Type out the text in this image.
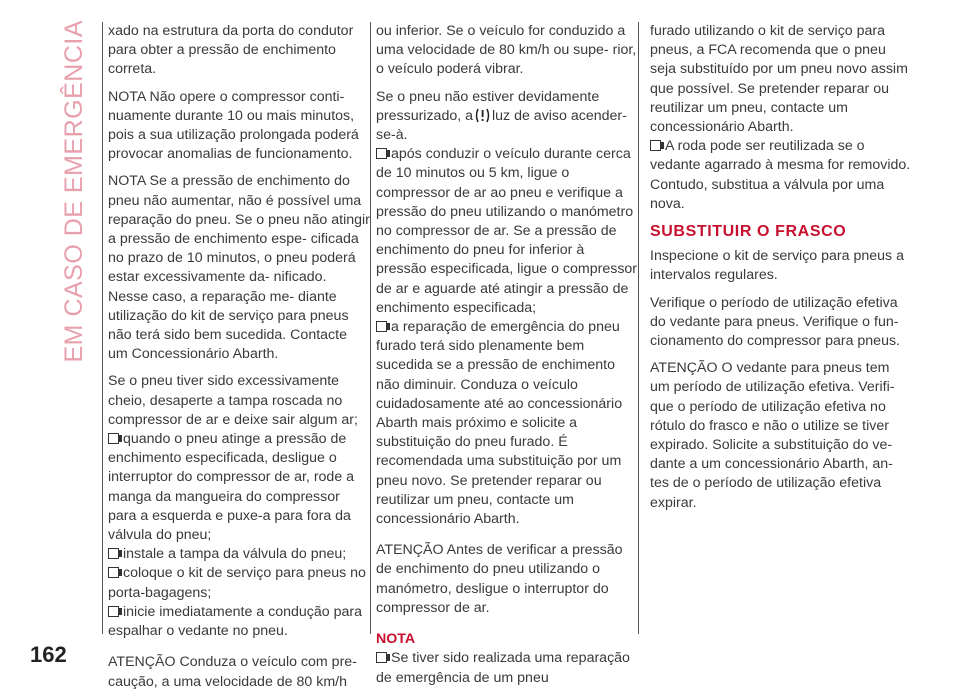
EM CASO DE EMERGÊNCIA
162

xado na estrutura da porta do condutor para obter a pressão de enchimento correta.

NOTA Não opere o compressor conti- nuamente durante 10 ou mais minutos, pois a sua utilização prolongada poderá provocar anomalias de funcionamento.

NOTA Se a pressão de enchimento do pneu não aumentar, não é possível uma reparação do pneu. Se o pneu não atingir a pressão de enchimento espe- cificada no prazo de 10 minutos, o pneu poderá estar excessivamente da- nificado. Nesse caso, a reparação me- diante utilização do kit de serviço para pneus não terá sido bem sucedida. Contacte um Concessionário Abarth.

Se o pneu tiver sido excessivamente cheio, desaperte a tampa roscada no compressor de ar e deixe sair algum ar;

quando o pneu atinge a pressão de enchimento especificada, desligue o interruptor do compressor de ar, rode a manga da mangueira do compressor para a esquerda e puxe-a para fora da válvula do pneu;

instale a tampa da válvula do pneu;

coloque o kit de serviço para pneus no porta-bagagens;

inicie imediatamente a condução para espalhar o vedante no pneu.

ATENÇÃO Conduza o veículo com pre- caução, a uma velocidade de 80 km/h

ou inferior. Se o veículo for conduzido a uma velocidade de 80 km/h ou supe- rior, o veículo poderá vibrar.

Se o pneu não estiver devidamente pressurizado, a luz de aviso acender-se-à.

após conduzir o veículo durante cerca de 10 minutos ou 5 km, ligue o compressor de ar ao pneu e verifique a pressão do pneu utilizando o manómetro no compressor de ar. Se a pressão de enchimento do pneu for inferior à pressão especificada, ligue o compressor de ar e aguarde até atingir a pressão de enchimento especificada;

a reparação de emergência do pneu furado terá sido plenamente bem sucedida se a pressão de enchimento não diminuir. Conduza o veículo cuidadosamente até ao concessionário Abarth mais próximo e solicite a substituição do pneu furado. É recomendada uma substituição por um pneu novo. Se pretender reparar ou reutilizar um pneu, contacte um concessionário Abarth.

ATENÇÃO Antes de verificar a pressão de enchimento do pneu utilizando o manómetro, desligue o interruptor do compressor de ar.

NOTA

Se tiver sido realizada uma reparação de emergência de um pneu

furado utilizando o kit de serviço para pneus, a FCA recomenda que o pneu seja substituído por um pneu novo assim que possível. Se pretender reparar ou reutilizar um pneu, contacte um concessionário Abarth.

A roda pode ser reutilizada se o vedante agarrado à mesma for removido. Contudo, substitua a válvula por uma nova.

SUBSTITUIR O FRASCO

Inspecione o kit de serviço para pneus a intervalos regulares.

Verifique o período de utilização efetiva do vedante para pneus. Verifique o fun- cionamento do compressor para pneus.

ATENÇÃO O vedante para pneus tem um período de utilização efetiva. Verifi- que o período de utilização efetiva no rótulo do frasco e não o utilize se tiver expirado. Solicite a substituição do ve- dante a um concessionário Abarth, an- tes de o período de utilização efetiva expirar.
